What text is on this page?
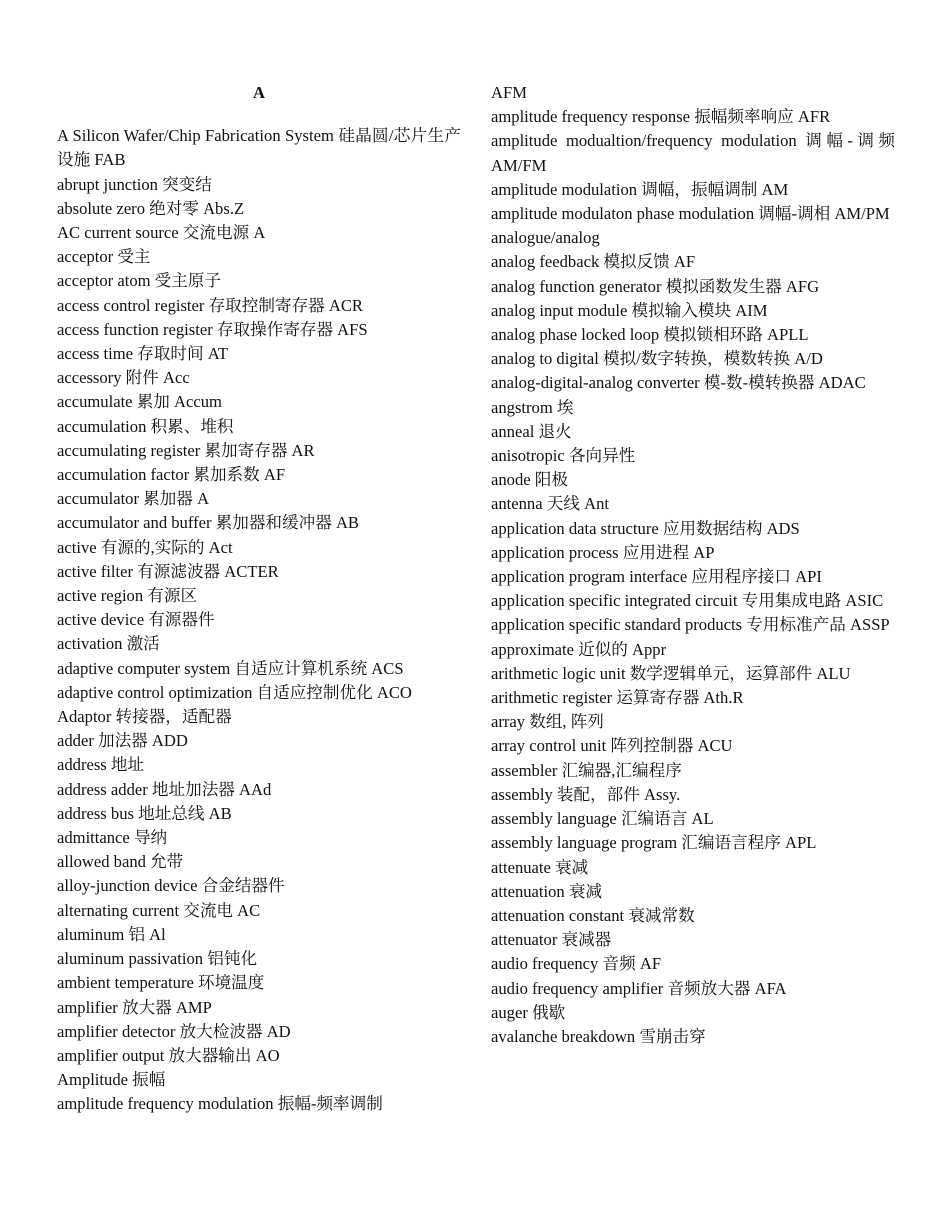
A
A Silicon Wafer/Chip Fabrication System 硅晶圆/芯片生产设施 FAB
abrupt junction 突变结
absolute zero 绝对零 Abs.Z
AC current source 交流电源 A
acceptor 受主
acceptor atom 受主原子
access control register 存取控制寄存器 ACR
access function register 存取操作寄存器 AFS
access time 存取时间 AT
accessory 附件 Acc
accumulate 累加 Accum
accumulation 积累、堆积
accumulating register 累加寄存器 AR
accumulation factor 累加系数 AF
accumulator 累加器 A
accumulator and buffer 累加器和缓冲器 AB
active 有源的,实际的 Act
active filter 有源滤波器 ACTER
active region 有源区
active device 有源器件
activation 激活
adaptive computer system 自适应计算机系统 ACS
adaptive control optimization 自适应控制优化 ACO
Adaptor 转接器，适配器
adder 加法器 ADD
address 地址
address adder 地址加法器 AAd
address bus 地址总线 AB
admittance 导纳
allowed band 允带
alloy-junction device 合金结器件
alternating current 交流电 AC
aluminum 铝 Al
aluminum passivation 铝钝化
ambient temperature 环境温度
amplifier 放大器 AMP
amplifier detector 放大检波器 AD
amplifier output 放大器输出 AO
Amplitude 振幅
amplitude frequency modulation 振幅-频率调制
AFM
amplitude frequency response 振幅频率响应 AFR
amplitude modualtion/frequency modulation 调幅-调频 AM/FM
amplitude modulation 调幅，振幅调制 AM
amplitude modulaton phase modulation 调幅-调相 AM/PM
analogue/analog
analog feedback 模拟反馈 AF
analog function generator 模拟函数发生器 AFG
analog input module 模拟输入模块 AIM
analog phase locked loop 模拟锁相环路 APLL
analog to digital 模拟/数字转换，模数转换 A/D
analog-digital-analog converter 模-数-模转换器 ADAC
angstrom 埃
anneal 退火
anisotropic 各向异性
anode 阳极
antenna 天线 Ant
application data structure 应用数据结构 ADS
application process 应用进程 AP
application program interface 应用程序接口 API
application specific integrated circuit 专用集成电路 ASIC
application specific standard products 专用标准产品 ASSP
approximate 近似的 Appr
arithmetic logic unit 数学逻辑单元，运算部件 ALU
arithmetic register 运算寄存器 Ath.R
array 数组, 阵列
array control unit 阵列控制器 ACU
assembler 汇编器,汇编程序
assembly 装配，部件 Assy.
assembly language 汇编语言 AL
assembly language program 汇编语言程序 APL
attenuate 衰减
attenuation 衰减
attenuation constant 衰减常数
attenuator 衰减器
audio frequency 音频 AF
audio frequency amplifier 音频放大器 AFA
auger 俄歇
avalanche breakdown 雪崩击穿
